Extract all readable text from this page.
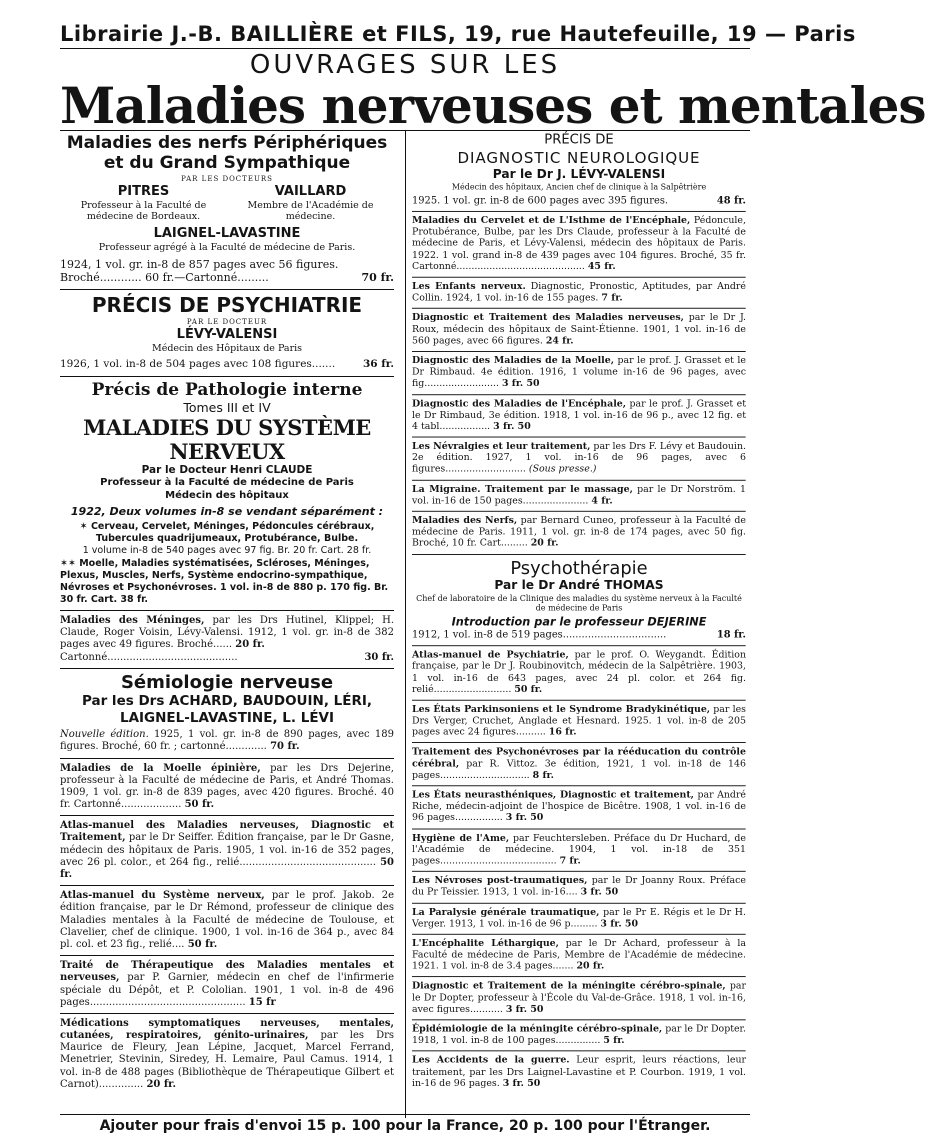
Librairie J.-B. BAILLIÈRE et FILS, 19, rue Hautefeuille, 19 — Paris
OUVRAGES SUR LES
Maladies nerveuses et mentales
Maladies des nerfs Périphériques
et du Grand Sympathique
PAR LES DOCTEURS
PITRES
Professeur à la Faculté de médecine de Bordeaux.
VAILLARD
Membre de l'Académie de médecine.
LAIGNEL-LAVASTINE
Professeur agrégé à la Faculté de médecine de Paris.
1924, 1 vol. gr. in-8 de 857 pages avec 56 figures.
Broché............ 60 fr.—Cartonné.........	70 fr.
PRÉCIS DE PSYCHIATRIE
PAR LE DOCTEUR
LÉVY-VALENSI
Médecin des Hôpitaux de Paris
1926, 1 vol. in-8 de 504 pages avec 108 figures.......	36 fr.
Précis de Pathologie interne
Tomes III et IV
MALADIES DU SYSTÈME NERVEUX
Par le Docteur Henri CLAUDE
Professeur à la Faculté de médecine de Paris
Médecin des hôpitaux
1922, Deux volumes in-8 se vendant séparément :
✶ Cerveau, Cervelet, Méninges, Pédoncules cérébraux, Tubercules quadrijumeaux, Protubérance, Bulbe.
1 volume in-8 de 540 pages avec 97 fig. Br. 20 fr. Cart. 28 fr.
✶✶ Moelle, Maladies systématisées, Scléroses, Méninges, Plexus, Muscles, Nerfs, Système endocrino-sympathique, Névroses et Psychonévroses. 1 vol. in-8 de 880 p. 170 fig. Br. 30 fr. Cart. 38 fr.
Maladies des Méninges, par les Drs Hutinel, Klippel; H. Claude, Roger Voisin, Lévy-Valensi. 1912, 1 vol. gr. in-8 de 382 pages avec 49 figures. Broché...... 20 fr.
Cartonné.........................................	30 fr.
Sémiologie nerveuse
Par les Drs ACHARD, BAUDOUIN, LÉRI,
LAIGNEL-LAVASTINE, L. LÉVI
Nouvelle édition. 1925, 1 vol. gr. in-8 de 890 pages, avec 189 figures. Broché, 60 fr. ; cartonné............. 70 fr.
Maladies de la Moelle épinière, par les Drs Dejerine, professeur à la Faculté de médecine de Paris, et André Thomas. 1909, 1 vol. gr. in-8 de 839 pages, avec 420 figures. Broché. 40 fr. Cartonné................... 50 fr.
Atlas-manuel des Maladies nerveuses, Diagnostic et Traitement, par le Dr Seiffer. Édition française, par le Dr Gasne, médecin des hôpitaux de Paris. 1905, 1 vol. in-16 de 352 pages, avec 26 pl. color., et 264 fig., relié........................................... 50 fr.
Atlas-manuel du Système nerveux, par le prof. Jakob. 2e édition française, par le Dr Rémond, professeur de clinique des Maladies mentales à la Faculté de médecine de Toulouse, et Clavelier, chef de clinique. 1900, 1 vol. in-16 de 364 p., avec 84 pl. col. et 23 fig., relié.... 50 fr.
Traité de Thérapeutique des Maladies mentales et nerveuses, par P. Garnier, médecin en chef de l'infirmerie spéciale du Dépôt, et P. Cololian. 1901, 1 vol. in-8 de 496 pages................................................. 15 fr
Médications symptomatiques nerveuses, mentales, cutanées, respiratoires, génito-urinaires, par les Drs Maurice de Fleury, Jean Lépine, Jacquet, Marcel Ferrand, Menetrier, Stevinin, Siredey, H. Lemaire, Paul Camus. 1914, 1 vol. in-8 de 488 pages (Bibliothèque de Thérapeutique Gilbert et Carnot).............. 20 fr.
PRÉCIS DE
DIAGNOSTIC NEUROLOGIQUE
Par le Dr J. LÉVY-VALENSI
Médecin des hôpitaux, Ancien chef de clinique à la Salpêtrière
1925. 1 vol. gr. in-8 de 600 pages avec 395 figures.	48 fr.
Maladies du Cervelet et de L'Isthme de l'Encéphale, Pédoncule, Protubérance, Bulbe, par les Drs Claude, professeur à la Faculté de médecine de Paris, et Lévy-Valensi, médecin des hôpitaux de Paris. 1922. 1 vol. grand in-8 de 439 pages avec 104 figures. Broché, 35 fr. Cartonné........................................... 45 fr.
Les Enfants nerveux. Diagnostic, Pronostic, Aptitudes, par André Collin. 1924, 1 vol. in-16 de 155 pages. 7 fr.
Diagnostic et Traitement des Maladies nerveuses, par le Dr J. Roux, médecin des hôpitaux de Saint-Étienne. 1901, 1 vol. in-16 de 560 pages, avec 66 figures. 24 fr.
Diagnostic des Maladies de la Moelle, par le prof. J. Grasset et le Dr Rimbaud. 4e édition. 1916, 1 volume in-16 de 96 pages, avec fig......................... 3 fr. 50
Diagnostic des Maladies de l'Encéphale, par le prof. J. Grasset et le Dr Rimbaud, 3e édition. 1918, 1 vol. in-16 de 96 p., avec 12 fig. et 4 tabl................. 3 fr. 50
Les Névralgies et leur traitement, par les Drs F. Lévy et Baudouin. 2e édition. 1927, 1 vol. in-16 de 96 pages, avec 6 figures........................... (Sous presse.)
La Migraine. Traitement par le massage, par le Dr Norström. 1 vol. in-16 de 150 pages...................... 4 fr.
Maladies des Nerfs, par Bernard Cuneo, professeur à la Faculté de médecine de Paris. 1911, 1 vol. gr. in-8 de 174 pages, avec 50 fig. Broché, 10 fr. Cart......... 20 fr.
Psychothérapie
Par le Dr André THOMAS
Chef de laboratoire de la Clinique des maladies du système nerveux à la Faculté de médecine de Paris
Introduction par le professeur DEJERINE
1912, 1 vol. in-8 de 519 pages.................................	18 fr.
Atlas-manuel de Psychiatrie, par le prof. O. Weygandt. Édition française, par le Dr J. Roubinovitch, médecin de la Salpêtrière. 1903, 1 vol. in-16 de 643 pages, avec 24 pl. color. et 264 fig. relié.......................... 50 fr.
Les États Parkinsoniens et le Syndrome Bradykinétique, par les Drs Verger, Cruchet, Anglade et Hesnard. 1925. 1 vol. in-8 de 205 pages avec 24 figures.......... 16 fr.
Traitement des Psychonévroses par la rééducation du contrôle cérébral, par R. Vittoz. 3e édition, 1921, 1 vol. in-18 de 146 pages.............................. 8 fr.
Les États neurasthéniques, Diagnostic et traitement, par André Riche, médecin-adjoint de l'hospice de Bicêtre. 1908, 1 vol. in-16 de 96 pages................ 3 fr. 50
Hygiène de l'Ame, par Feuchtersleben. Préface du Dr Huchard, de l'Académie de médecine. 1904, 1 vol. in-18 de 351 pages....................................... 7 fr.
Les Névroses post-traumatiques, par le Dr Joanny Roux. Préface du Pr Teissier. 1913, 1 vol. in-16.... 3 fr. 50
La Paralysie générale traumatique, par le Pr E. Régis et le Dr H. Verger. 1913, 1 vol. in-16 de 96 p......... 3 fr. 50
L'Encéphalite Léthargique, par le Dr Achard, professeur à la Faculté de médecine de Paris, Membre de l'Académie de médecine. 1921. 1 vol. in-8 de 3.4 pages....... 20 fr.
Diagnostic et Traitement de la méningite cérébro-spinale, par le Dr Dopter, professeur à l'École du Val-de-Grâce. 1918, 1 vol. in-16, avec figures........... 3 fr. 50
Épidémiologie de la méningite cérébro-spinale, par le Dr Dopter. 1918, 1 vol. in-8 de 100 pages............... 5 fr.
Les Accidents de la guerre. Leur esprit, leurs réactions, leur traitement, par les Drs Laignel-Lavastine et P. Courbon. 1919, 1 vol. in-16 de 96 pages. 3 fr. 50
Ajouter pour frais d'envoi 15 p. 100 pour la France, 20 p. 100 pour l'Étranger.
